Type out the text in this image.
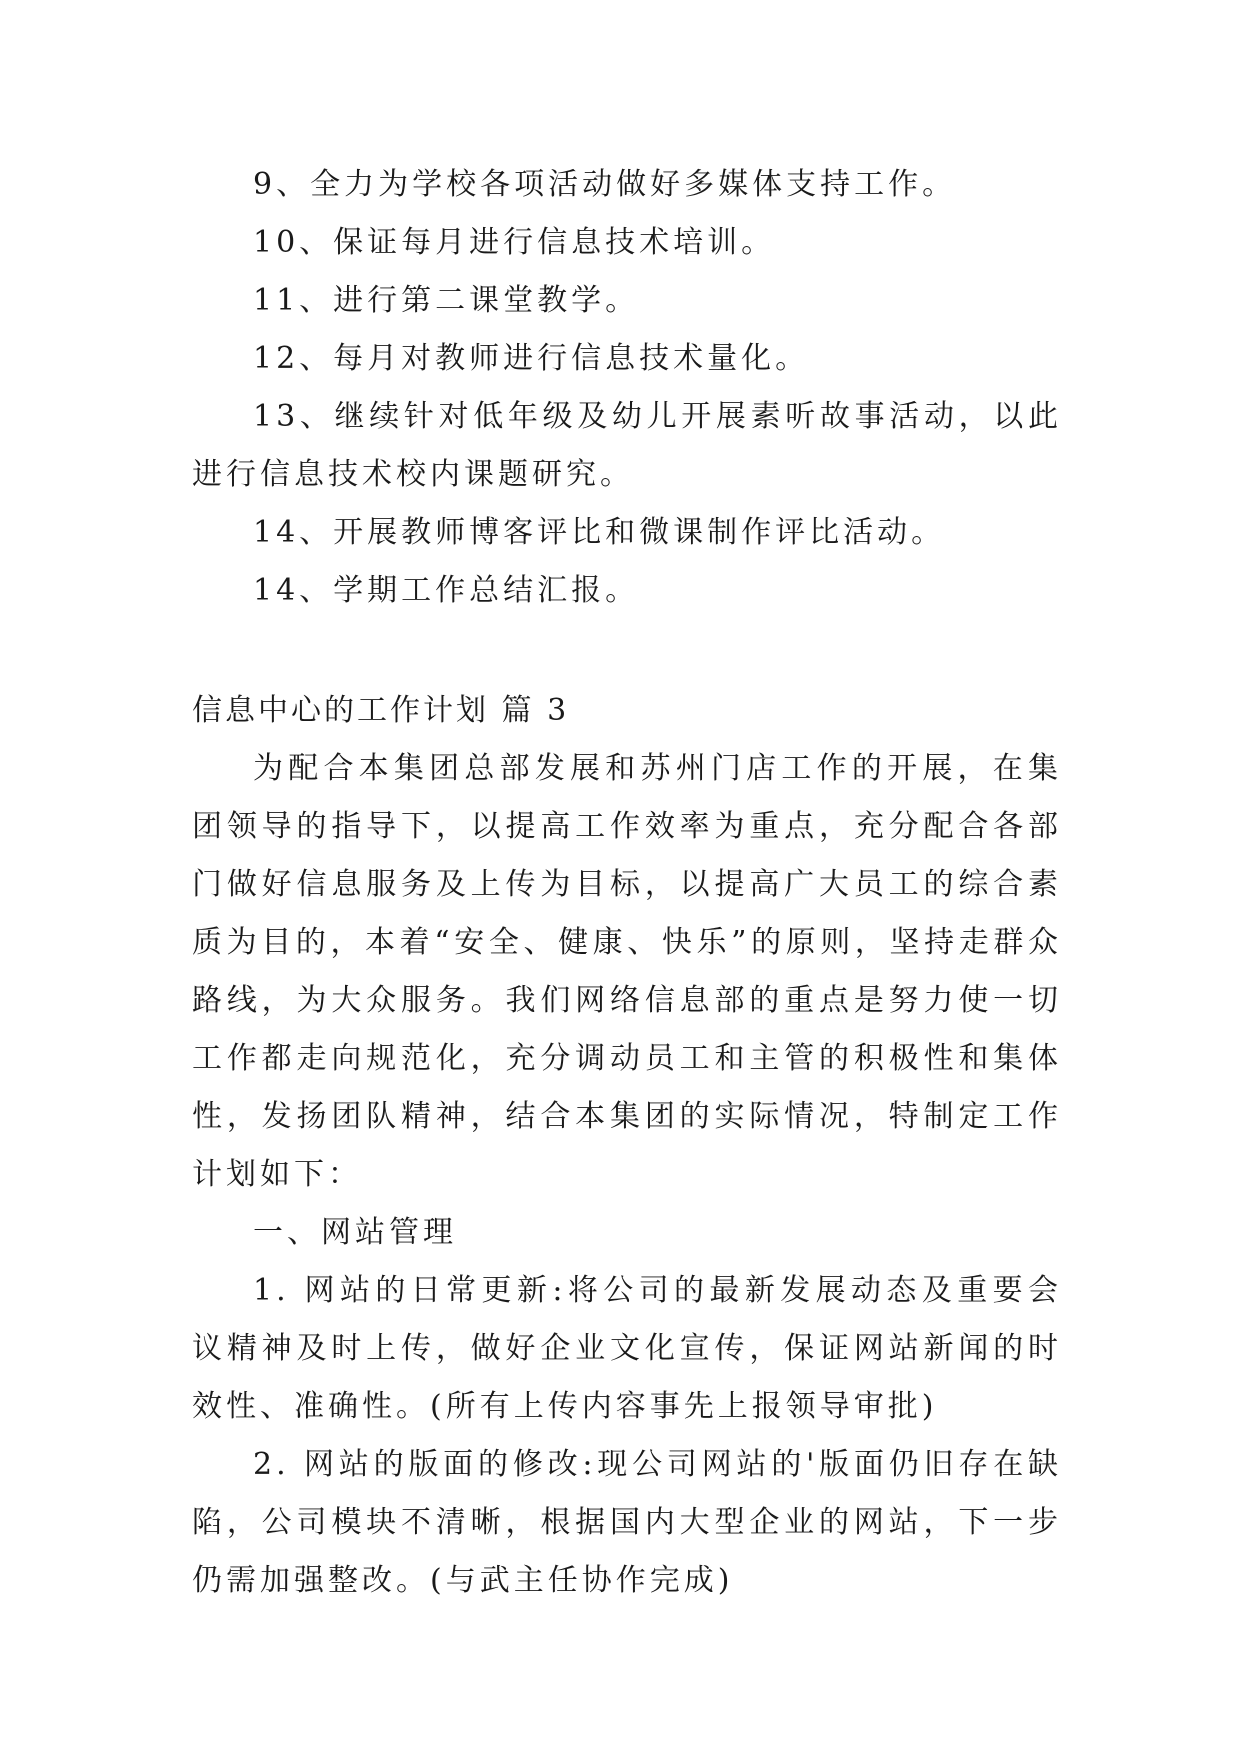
9、全力为学校各项活动做好多媒体支持工作。

10、保证每月进行信息技术培训。

11、进行第二课堂教学。

12、每月对教师进行信息技术量化。

13、继续针对低年级及幼儿开展素听故事活动，以此进行信息技术校内课题研究。

14、开展教师博客评比和微课制作评比活动。

14、学期工作总结汇报。

信息中心的工作计划 篇 3

为配合本集团总部发展和苏州门店工作的开展，在集团领导的指导下，以提高工作效率为重点，充分配合各部门做好信息服务及上传为目标，以提高广大员工的综合素质为目的，本着“安全、健康、快乐”的原则，坚持走群众路线，为大众服务。我们网络信息部的重点是努力使一切工作都走向规范化，充分调动员工和主管的积极性和集体性，发扬团队精神，结合本集团的实际情况，特制定工作计划如下：

一、网站管理

1. 网站的日常更新:将公司的最新发展动态及重要会议精神及时上传，做好企业文化宣传，保证网站新闻的时效性、准确性。(所有上传内容事先上报领导审批)

2. 网站的版面的修改:现公司网站的'版面仍旧存在缺陷，公司模块不清晰，根据国内大型企业的网站，下一步仍需加强整改。(与武主任协作完成)
